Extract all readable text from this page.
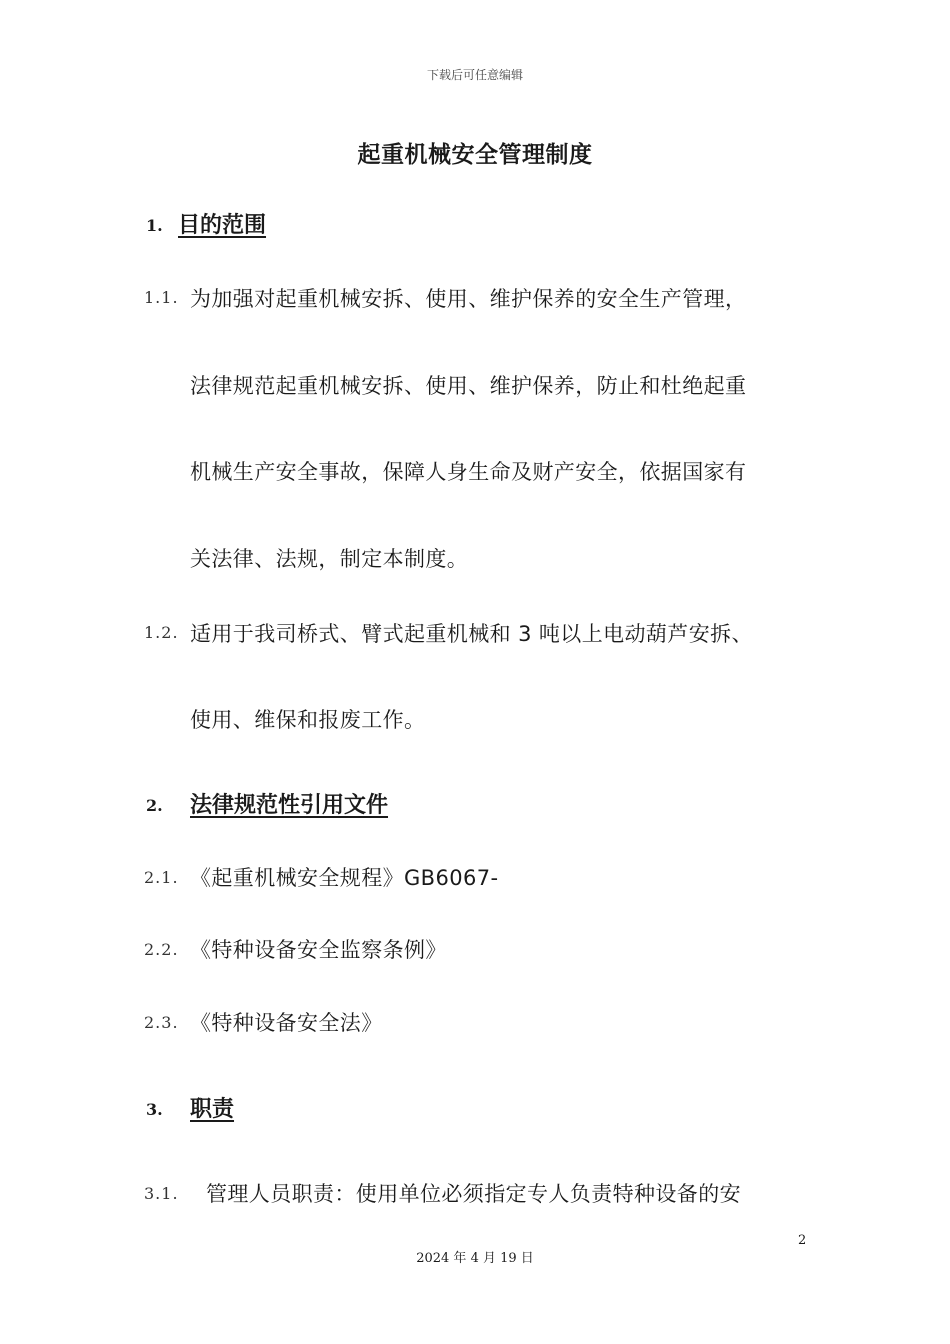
下载后可任意编辑
起重机械安全管理制度
1. 目的范围
1.1. 为加强对起重机械安拆、使用、维护保养的安全生产管理，
法律规范起重机械安拆、使用、维护保养，防止和杜绝起重
机械生产安全事故，保障人身生命及财产安全，依据国家有
关法律、法规，制定本制度。
1.2. 适用于我司桥式、臂式起重机械和 3 吨以上电动葫芦安拆、
使用、维保和报废工作。
2. 法律规范性引用文件
2.1. 《起重机械安全规程》GB6067-
2.2. 《特种设备安全监察条例》
2.3. 《特种设备安全法》
3. 职责
3.1. 管理人员职责：使用单位必须指定专人负责特种设备的安
2
2024 年 4 月 19 日
